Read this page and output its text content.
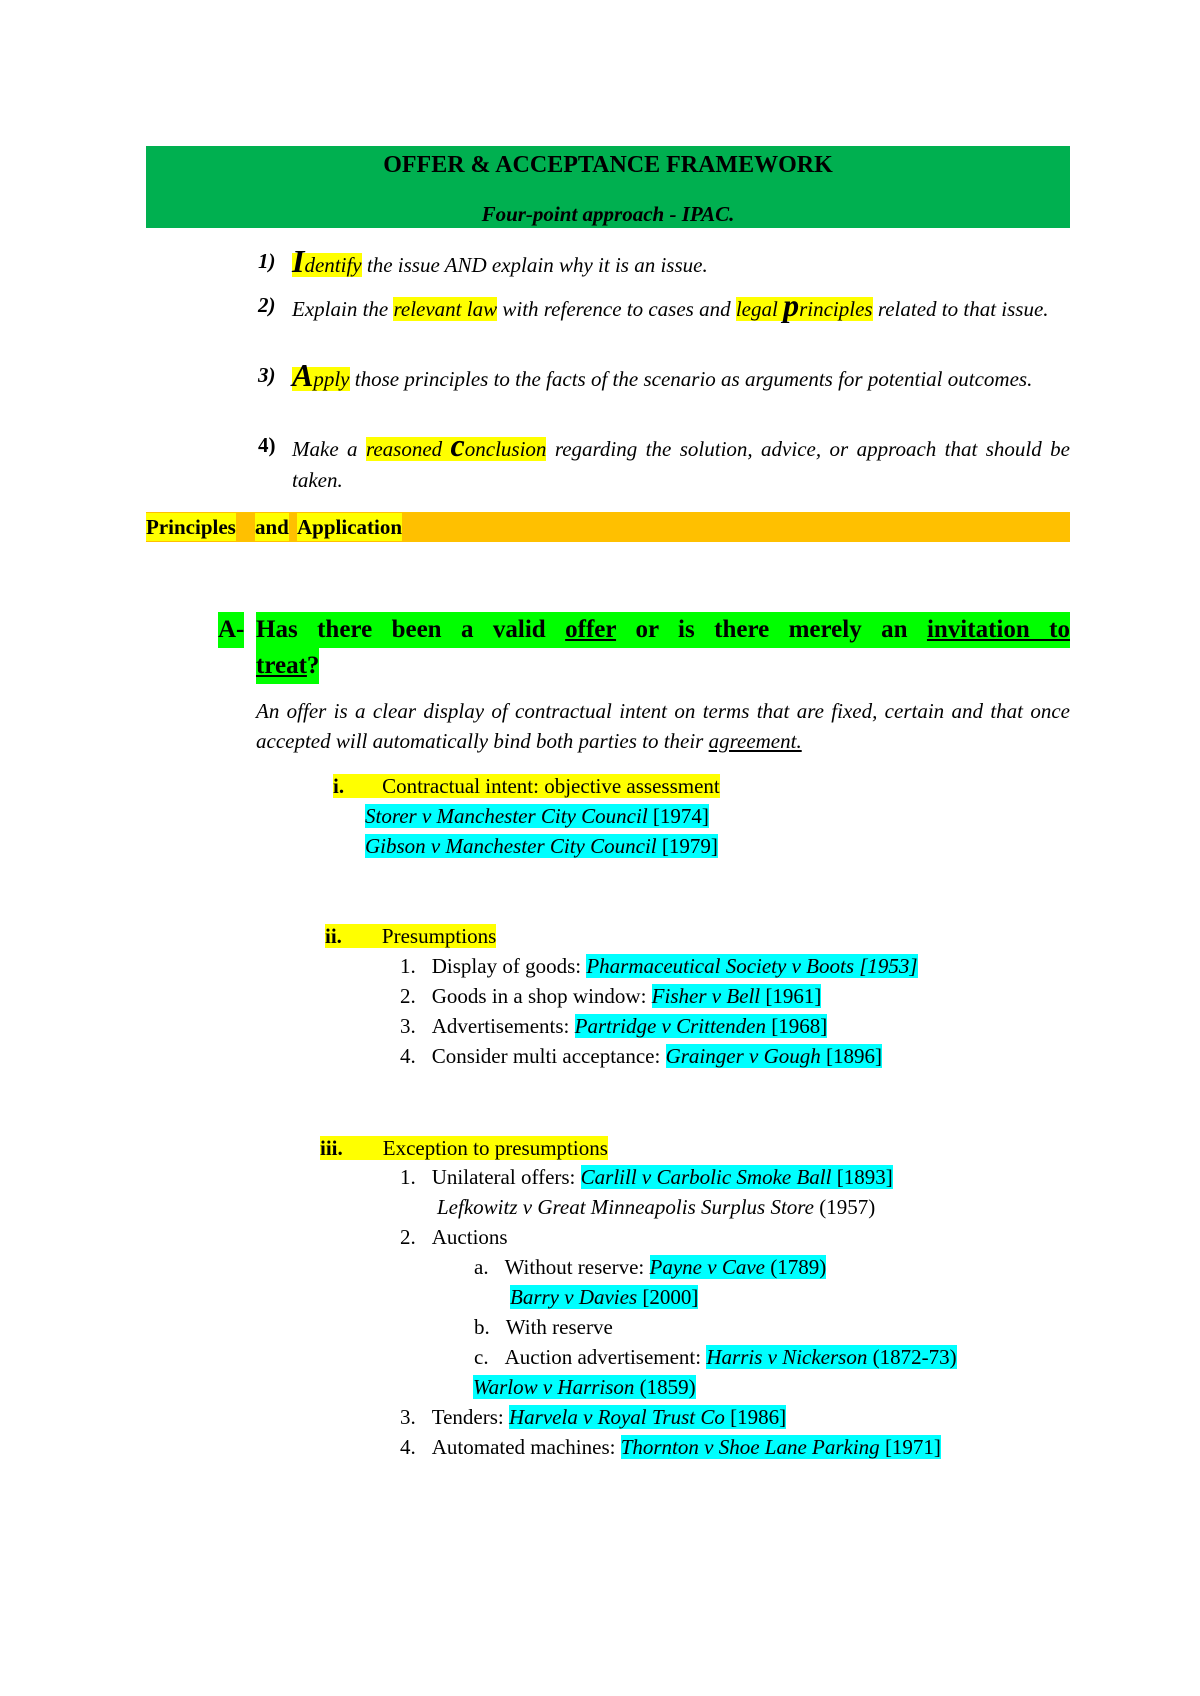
OFFER & ACCEPTANCE FRAMEWORK
Four-point approach - IPAC.
1) Identify the issue AND explain why it is an issue.
2) Explain the relevant law with reference to cases and legal principles related to that issue.
3) Apply those principles to the facts of the scenario as arguments for potential outcomes.
4) Make a reasoned conclusion regarding the solution, advice, or approach that should be taken.
Principles and Application
A- Has there been a valid offer or is there merely an invitation to
treat?
An offer is a clear display of contractual intent on terms that are fixed, certain and that once accepted will automatically bind both parties to their agreement.
i. Contractual intent: objective assessment
Storer v Manchester City Council [1974]
Gibson v Manchester City Council [1979]
ii. Presumptions
1. Display of goods: Pharmaceutical Society v Boots [1953]
2. Goods in a shop window: Fisher v Bell [1961]
3. Advertisements: Partridge v Crittenden [1968]
4. Consider multi acceptance: Grainger v Gough [1896]
iii. Exception to presumptions
1. Unilateral offers: Carlill v Carbolic Smoke Ball [1893]
Lefkowitz v Great Minneapolis Surplus Store (1957)
2. Auctions
a. Without reserve: Payne v Cave (1789)
Barry v Davies [2000]
b. With reserve
c. Auction advertisement: Harris v Nickerson (1872-73)
Warlow v Harrison (1859)
3. Tenders: Harvela v Royal Trust Co [1986]
4. Automated machines: Thornton v Shoe Lane Parking [1971]
